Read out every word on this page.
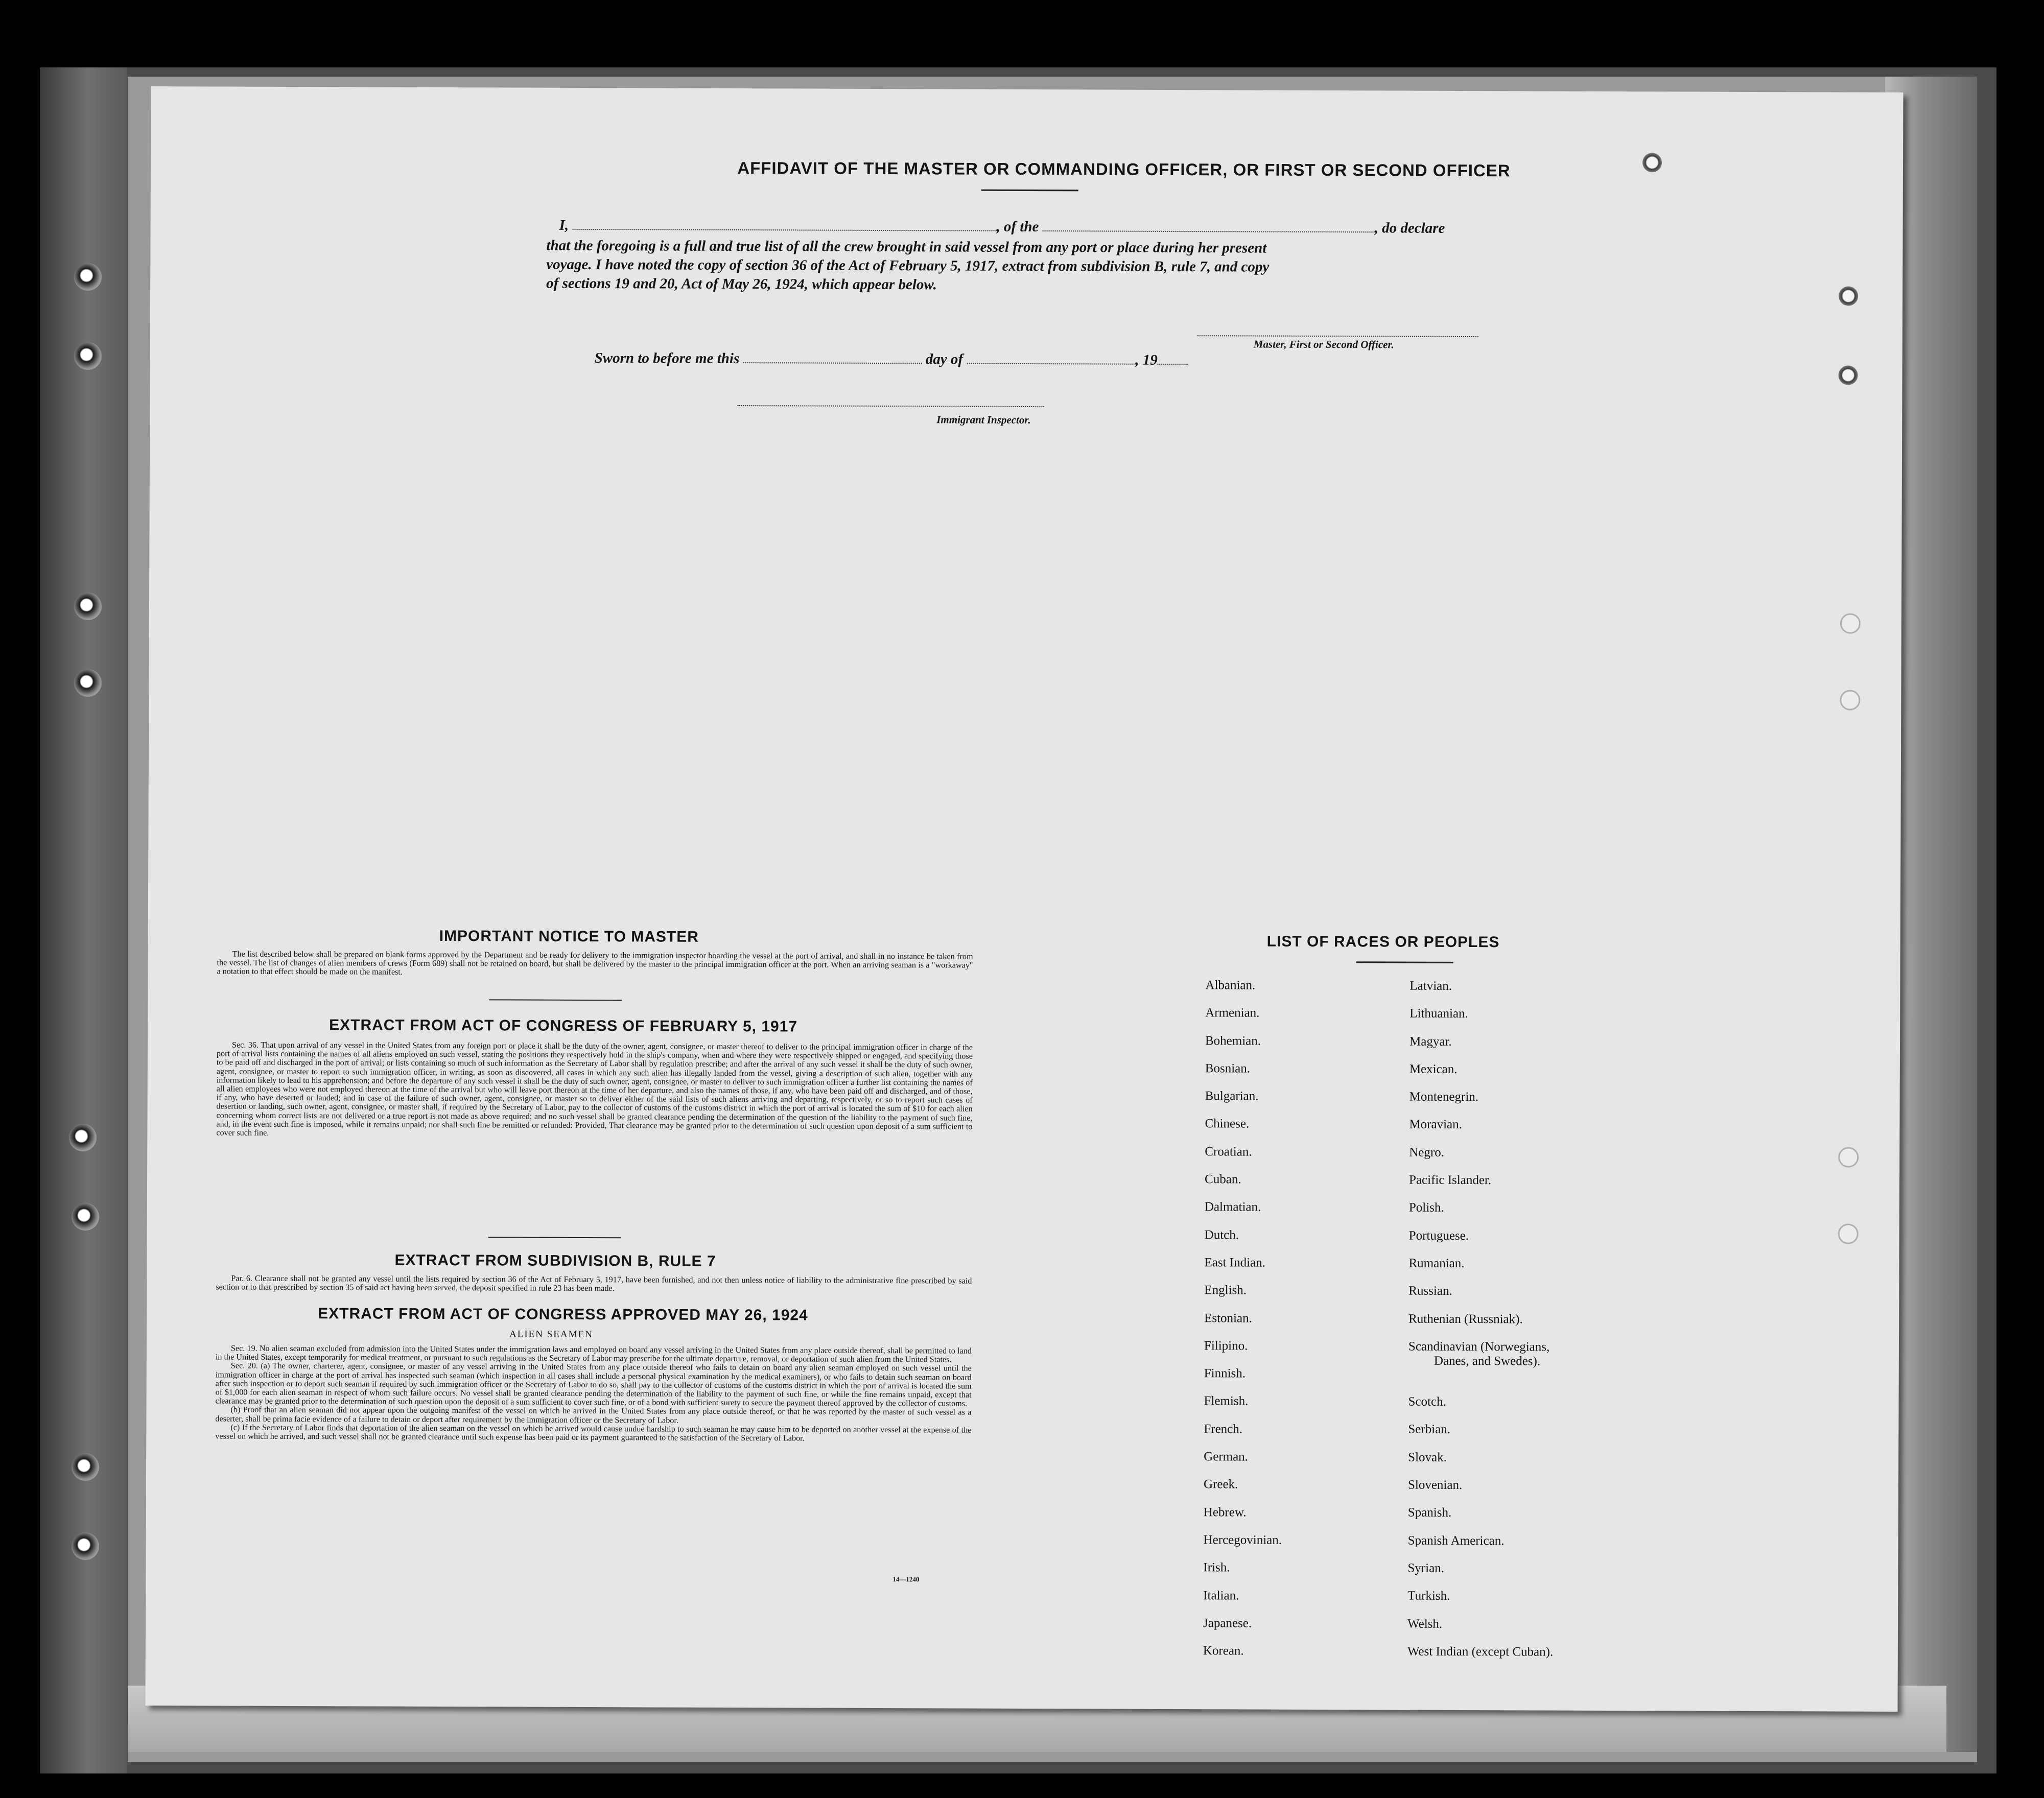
AFFIDAVIT OF THE MASTER OR COMMANDING OFFICER, OR FIRST OR SECOND OFFICER
I,	, of the	, do declare
that the foregoing is a full and true list of all the crew brought in said vessel from any port or place during her present
voyage. I have noted the copy of section 36 of the Act of February 5, 1917, extract from subdivision B, rule 7, and copy
of sections 19 and 20, Act of May 26, 1924, which appear below.
Master, First or Second Officer.
Sworn to before me this	day of	, 19
Immigrant Inspector.
IMPORTANT NOTICE TO MASTER
The list described below shall be prepared on blank forms approved by the Department and be ready for delivery to the immigration inspector boarding the vessel at the port of arrival, and shall in no instance be taken from the vessel. The list of changes of alien members of crews (Form 689) shall not be retained on board, but shall be delivered by the master to the principal immigration officer at the port. When an arriving seaman is a "workaway" a notation to that effect should be made on the manifest.
EXTRACT FROM ACT OF CONGRESS OF FEBRUARY 5, 1917
Sec. 36. That upon arrival of any vessel in the United States from any foreign port or place it shall be the duty of the owner, agent, consignee, or master thereof to deliver to the principal immigration officer in charge of the port of arrival lists containing the names of all aliens employed on such vessel, stating the positions they respectively hold in the ship's company, when and where they were respectively shipped or engaged, and specifying those to be paid off and discharged in the port of arrival; or lists containing so much of such information as the Secretary of Labor shall by regulation prescribe; and after the arrival of any such vessel it shall be the duty of such owner, agent, consignee, or master to report to such immigration officer, in writing, as soon as discovered, all cases in which any such alien has illegally landed from the vessel, giving a description of such alien, together with any information likely to lead to his apprehension; and before the departure of any such vessel it shall be the duty of such owner, agent, consignee, or master to deliver to such immigration officer a further list containing the names of all alien employees who were not employed thereon at the time of the arrival but who will leave port thereon at the time of her departure, and also the names of those, if any, who have been paid off and discharged, and of those, if any, who have deserted or landed; and in case of the failure of such owner, agent, consignee, or master so to deliver either of the said lists of such aliens arriving and departing, respectively, or so to report such cases of desertion or landing, such owner, agent, consignee, or master shall, if required by the Secretary of Labor, pay to the collector of customs of the customs district in which the port of arrival is located the sum of $10 for each alien concerning whom correct lists are not delivered or a true report is not made as above required; and no such vessel shall be granted clearance pending the determination of the question of the liability to the payment of such fine, and, in the event such fine is imposed, while it remains unpaid; nor shall such fine be remitted or refunded: Provided, That clearance may be granted prior to the determination of such question upon deposit of a sum sufficient to cover such fine.
EXTRACT FROM SUBDIVISION B, RULE 7
Par. 6. Clearance shall not be granted any vessel until the lists required by section 36 of the Act of February 5, 1917, have been furnished, and not then unless notice of liability to the administrative fine prescribed by said section or to that prescribed by section 35 of said act having been served, the deposit specified in rule 23 has been made.
EXTRACT FROM ACT OF CONGRESS APPROVED MAY 26, 1924
ALIEN SEAMEN
Sec. 19. No alien seaman excluded from admission into the United States under the immigration laws and employed on board any vessel arriving in the United States from any place outside thereof, shall be permitted to land in the United States, except temporarily for medical treatment, or pursuant to such regulations as the Secretary of Labor may prescribe for the ultimate departure, removal, or deportation of such alien from the United States.
Sec. 20. (a) The owner, charterer, agent, consignee, or master of any vessel arriving in the United States from any place outside thereof who fails to detain on board any alien seaman employed on such vessel until the immigration officer in charge at the port of arrival has inspected such seaman (which inspection in all cases shall include a personal physical examination by the medical examiners), or who fails to detain such seaman on board after such inspection or to deport such seaman if required by such immigration officer or the Secretary of Labor to do so, shall pay to the collector of customs of the customs district in which the port of arrival is located the sum of $1,000 for each alien seaman in respect of whom such failure occurs. No vessel shall be granted clearance pending the determination of the liability to the payment of such fine, or while the fine remains unpaid, except that clearance may be granted prior to the determination of such question upon the deposit of a sum sufficient to cover such fine, or of a bond with sufficient surety to secure the payment thereof approved by the collector of customs.
(b) Proof that an alien seaman did not appear upon the outgoing manifest of the vessel on which he arrived in the United States from any place outside thereof, or that he was reported by the master of such vessel as a deserter, shall be prima facie evidence of a failure to detain or deport after requirement by the immigration officer or the Secretary of Labor.
(c) If the Secretary of Labor finds that deportation of the alien seaman on the vessel on which he arrived would cause undue hardship to such seaman he may cause him to be deported on another vessel at the expense of the vessel on which he arrived, and such vessel shall not be granted clearance until such expense has been paid or its payment guaranteed to the satisfaction of the Secretary of Labor.
14—1240
LIST OF RACES OR PEOPLES
Albanian.
Armenian.
Bohemian.
Bosnian.
Bulgarian.
Chinese.
Croatian.
Cuban.
Dalmatian.
Dutch.
East Indian.
English.
Estonian.
Filipino.
Finnish.
Flemish.
French.
German.
Greek.
Hebrew.
Hercegovinian.
Irish.
Italian.
Japanese.
Korean.
Latvian.
Lithuanian.
Magyar.
Mexican.
Montenegrin.
Moravian.
Negro.
Pacific Islander.
Polish.
Portuguese.
Rumanian.
Russian.
Ruthenian (Russniak).
Scandinavian (Norwegians,
Danes, and Swedes).
Scotch.
Serbian.
Slovak.
Slovenian.
Spanish.
Spanish American.
Syrian.
Turkish.
Welsh.
West Indian (except Cuban).
